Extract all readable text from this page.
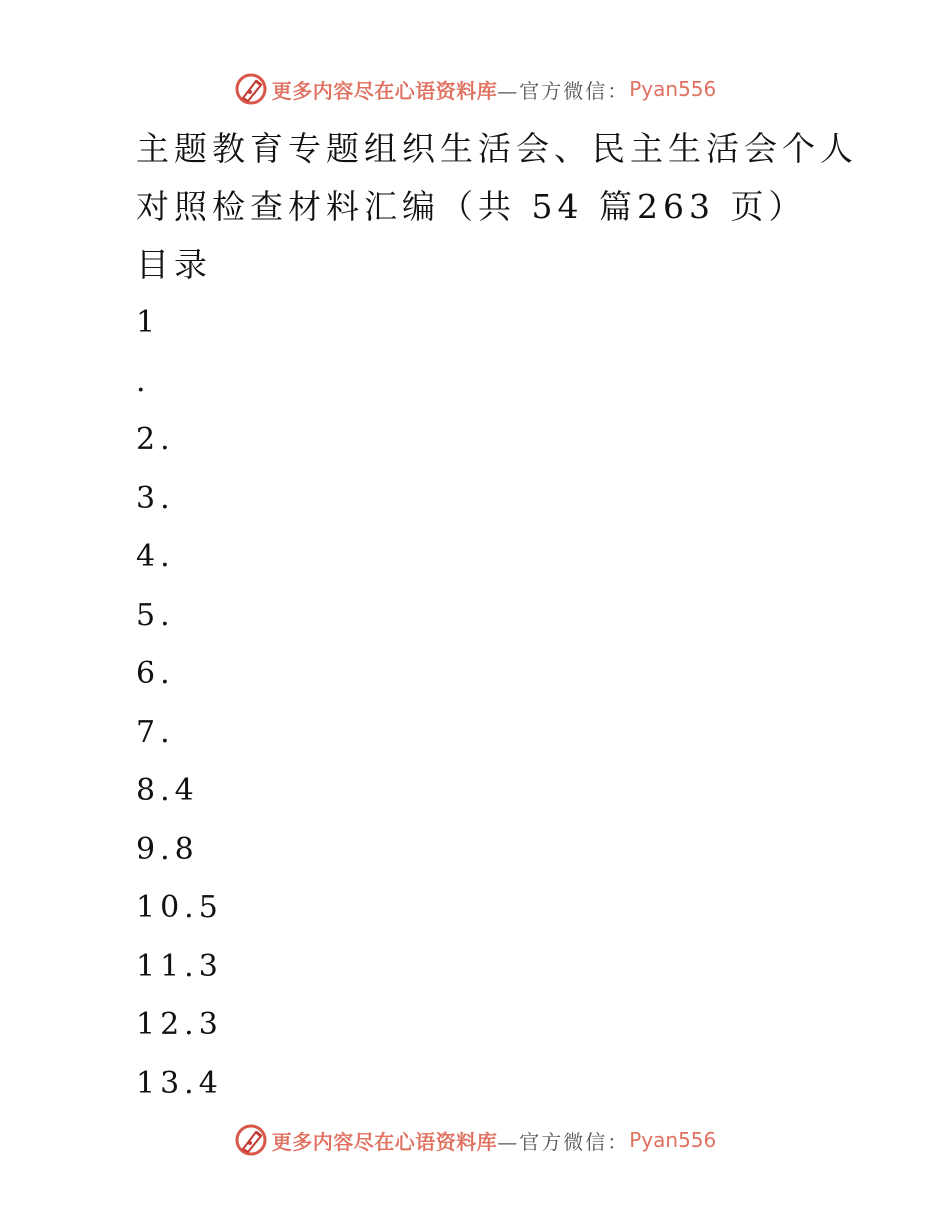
更多内容尽在心语资料库 —官方微信： Pyan556
主题教育专题组织生活会、民主生活会个人
对照检查材料汇编（共 54 篇263 页）
目录
1
.
2.
3.
4.
5.
6.
7.
8.4
9.8
10.5
11.3
12.3
13.4
更多内容尽在心语资料库 —官方微信： Pyan556
